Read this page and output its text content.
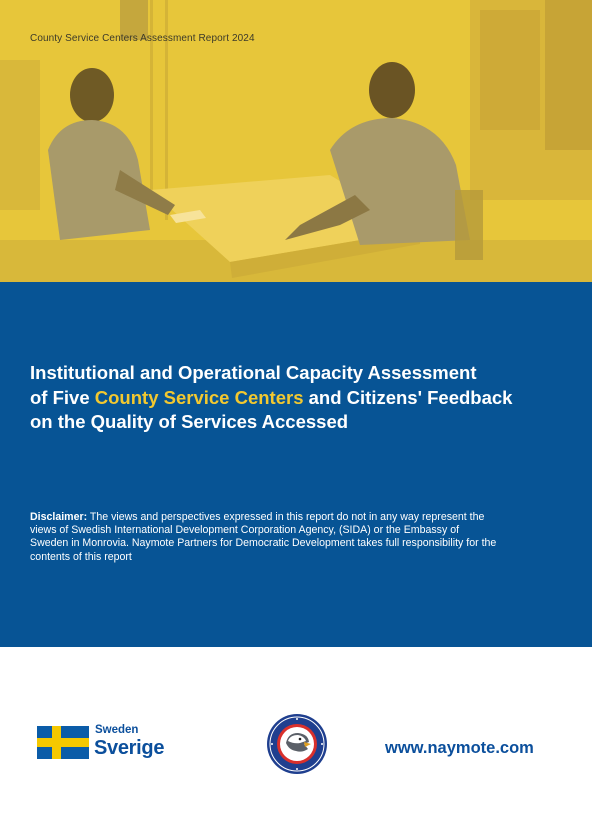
County Service Centers Assessment Report 2024
Institutional and Operational Capacity Assessment
of Five County Service Centers and Citizens' Feedback
on the Quality of Services Accessed

Disclaimer: The views and perspectives expressed in this report do not in any way represent the views of Swedish International Development Corporation Agency, (SIDA) or the Embassy of Sweden in Monrovia. Naymote Partners for Democratic Development takes full responsibility for the contents of this report

Sweden
Sverige	www.naymote.com
